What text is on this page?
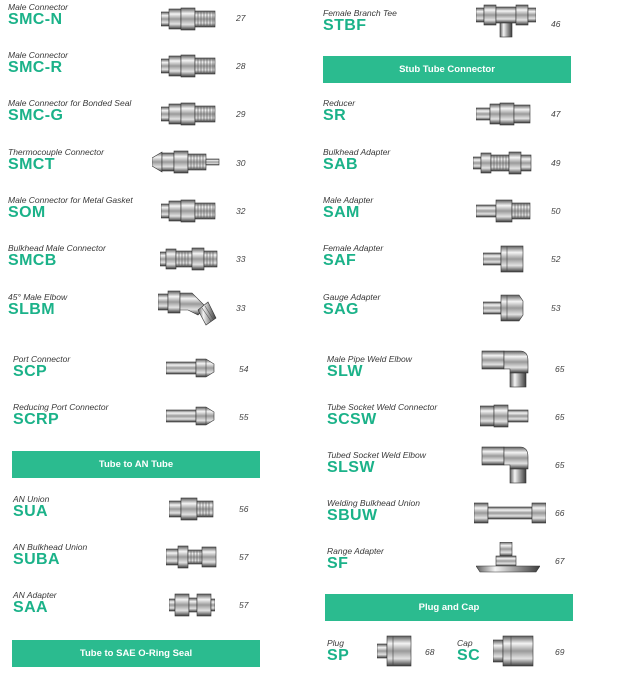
Male Connector
SMC-N	27
Male Connector
SMC-R	28
Male Connector for Bonded Seal
SMC-G	29
Thermocouple Connector
SMCT	30
Male Connector for Metal Gasket
SOM	32
Bulkhead Male Connector
SMCB	33
45° Male Elbow
SLBM	33
Port Connector
SCP	54
Reducing Port Connector
SCRP	55
Tube to AN Tube
AN Union
SUA	56
AN Bulkhead Union
SUBA	57
AN Adapter
SAA	57
Tube to SAE O-Ring Seal
Female Branch Tee
STBF	46
Stub Tube Connector
Reducer
SR	47
Bulkhead Adapter
SAB	49
Male Adapter
SAM	50
Female Adapter
SAF	52
Gauge Adapter
SAG	53
Male Pipe Weld Elbow
SLW	65
Tube Socket Weld Connector
SCSW	65
Tubed Socket Weld Elbow
SLSW	65
Welding Bulkhead Union
SBUW	66
Range Adapter
SF	67
Plug and Cap
Plug
SP	68
Cap
SC	69
